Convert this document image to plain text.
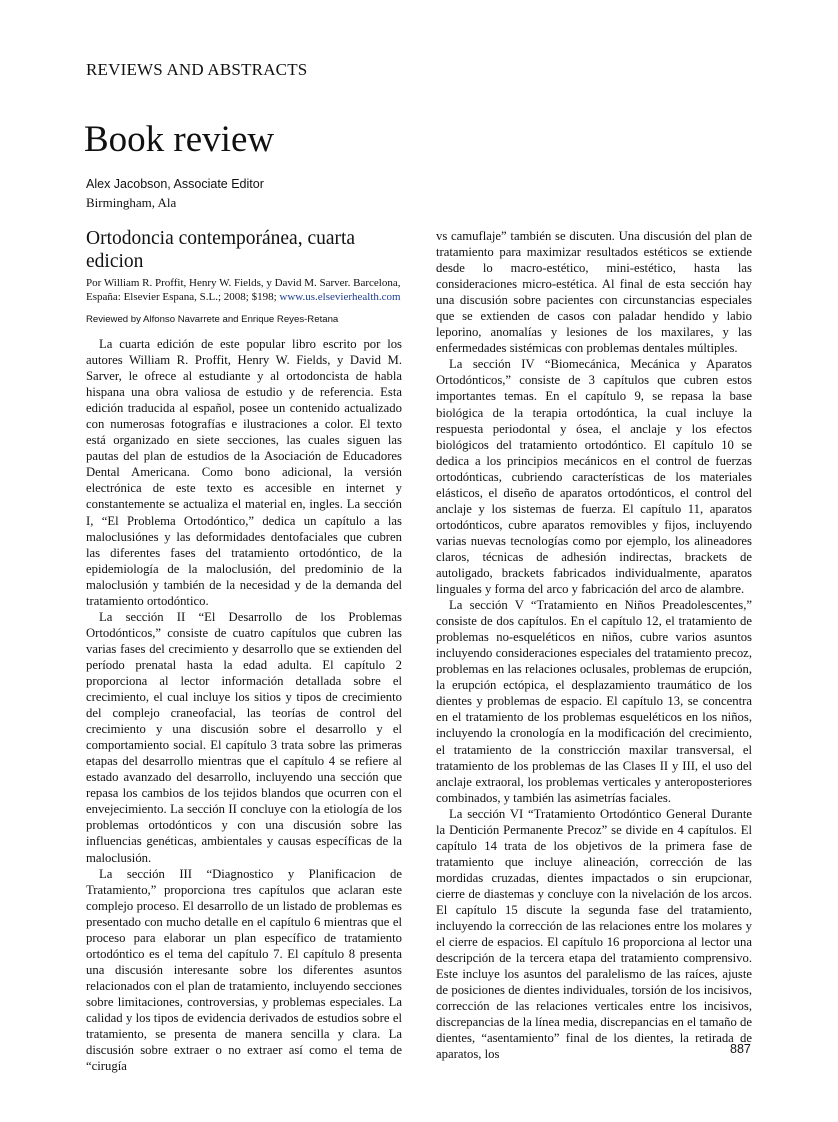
REVIEWS AND ABSTRACTS
Book review
Alex Jacobson, Associate Editor
Birmingham, Ala
Ortodoncia contemporánea, cuarta edicion

Por William R. Proffit, Henry W. Fields, y David M. Sarver. Barcelona, España: Elsevier Espana, S.L.; 2008; $198; www.us.elsevierhealth.com

Reviewed by Alfonso Navarrete and Enrique Reyes-Retana

La cuarta edición de este popular libro escrito por los autores William R. Proffit, Henry W. Fields, y David M. Sarver, le ofrece al estudiante y al ortodoncista de habla hispana una obra valiosa de estudio y de referencia. Esta edición traducida al español, posee un contenido actualizado con numerosas fotografías e ilustraciones a color. El texto está organizado en siete secciones, las cuales siguen las pautas del plan de estudios de la Asociación de Educadores Dental Americana. Como bono adicional, la versión electrónica de este texto es accesible en internet y constantemente se actualiza el material en, ingles. La sección I, “El Problema Ortodóntico,” dedica un capítulo a las maloclusiónes y las deformidades dentofaciales que cubren las diferentes fases del tratamiento ortodóntico, de la epidemiología de la maloclusión, del predominio de la maloclusión y también de la necesidad y de la demanda del tratamiento ortodóntico.

La sección II “El Desarrollo de los Problemas Ortodónticos,” consiste de cuatro capítulos que cubren las varias fases del crecimiento y desarrollo que se extienden del período prenatal hasta la edad adulta. El capítulo 2 proporciona al lector información detallada sobre el crecimiento, el cual incluye los sitios y tipos de crecimiento del complejo craneofacial, las teorías de control del crecimiento y una discusión sobre el desarrollo y el comportamiento social. El capítulo 3 trata sobre las primeras etapas del desarrollo mientras que el capítulo 4 se refiere al estado avanzado del desarrollo, incluyendo una sección que repasa los cambios de los tejidos blandos que ocurren con el envejecimiento. La sección II concluye con la etiología de los problemas ortodónticos y con una discusión sobre las influencias genéticas, ambientales y causas específicas de la maloclusión.

La sección III “Diagnostico y Planificacion de Tratamiento,” proporciona tres capítulos que aclaran este complejo proceso. El desarrollo de un listado de problemas es presentado con mucho detalle en el capítulo 6 mientras que el proceso para elaborar un plan específico de tratamiento ortodóntico es el tema del capítulo 7. El capítulo 8 presenta una discusión interesante sobre los diferentes asuntos relacionados con el plan de tratamiento, incluyendo secciones sobre limitaciones, controversias, y problemas especiales. La calidad y los tipos de evidencia derivados de estudios sobre el tratamiento, se presenta de manera sencilla y clara. La discusión sobre extraer o no extraer así como el tema de “cirugía

vs camuflaje” también se discuten. Una discusión del plan de tratamiento para maximizar resultados estéticos se extiende desde lo macro-estético, mini-estético, hasta las consideraciones micro-estética. Al final de esta sección hay una discusión sobre pacientes con circunstancias especiales que se extienden de casos con paladar hendido y labio leporino, anomalías y lesiones de los maxilares, y las enfermedades sistémicas con problemas dentales múltiples.

La sección IV “Biomecánica, Mecánica y Aparatos Ortodónticos,” consiste de 3 capítulos que cubren estos importantes temas. En el capítulo 9, se repasa la base biológica de la terapia ortodóntica, la cual incluye la respuesta periodontal y ósea, el anclaje y los efectos biológicos del tratamiento ortodóntico. El capítulo 10 se dedica a los principios mecánicos en el control de fuerzas ortodónticas, cubriendo características de los materiales elásticos, el diseño de aparatos ortodónticos, el control del anclaje y los sistemas de fuerza. El capítulo 11, aparatos ortodónticos, cubre aparatos removibles y fijos, incluyendo varias nuevas tecnologías como por ejemplo, los alineadores claros, técnicas de adhesión indirectas, brackets de autoligado, brackets fabricados individualmente, aparatos linguales y forma del arco y fabricación del arco de alambre.

La sección V “Tratamiento en Niños Preadolescentes,” consiste de dos capítulos. En el capítulo 12, el tratamiento de problemas no-esqueléticos en niños, cubre varios asuntos incluyendo consideraciones especiales del tratamiento precoz, problemas en las relaciones oclusales, problemas de erupción, la erupción ectópica, el desplazamiento traumático de los dientes y problemas de espacio. El capítulo 13, se concentra en el tratamiento de los problemas esqueléticos en los niños, incluyendo la cronología en la modificación del crecimiento, el tratamiento de la constricción maxilar transversal, el tratamiento de los problemas de las Clases II y III, el uso del anclaje extraoral, los problemas verticales y anteroposteriores combinados, y también las asimetrías faciales.

La sección VI “Tratamiento Ortodóntico General Durante la Dentición Permanente Precoz” se divide en 4 capítulos. El capítulo 14 trata de los objetivos de la primera fase de tratamiento que incluye alineación, corrección de las mordidas cruzadas, dientes impactados o sin erupcionar, cierre de diastemas y concluye con la nivelación de los arcos. El capítulo 15 discute la segunda fase del tratamiento, incluyendo la corrección de las relaciones entre los molares y el cierre de espacios. El capítulo 16 proporciona al lector una descripción de la tercera etapa del tratamiento comprensivo. Este incluye los asuntos del paralelismo de las raíces, ajuste de posiciones de dientes individuales, torsión de los incisivos, corrección de las relaciones verticales entre los incisivos, discrepancias de la línea media, discrepancias en el tamaño de dientes, “asentamiento” final de los dientes, la retirada de aparatos, los	887
